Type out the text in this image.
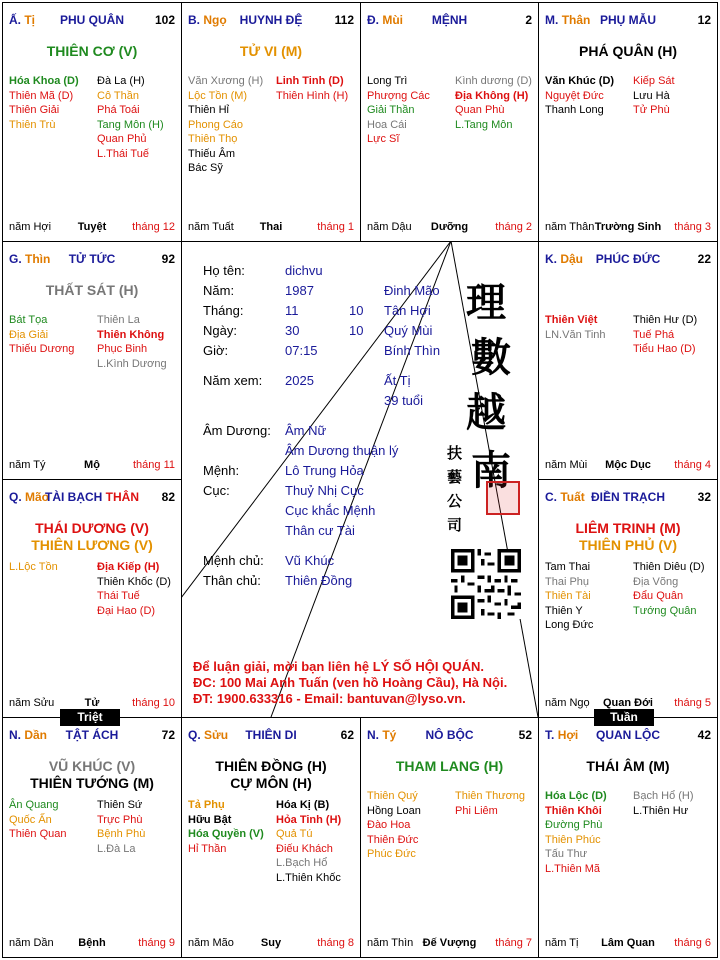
Ấ. Tị	PHU QUÂN	102
THIÊN CƠ (V)
Hóa Khoa (D)
Thiên Mã (D)
Thiên Giải
Thiên Trù
Đà La (H)
Cô Thần
Phá Toái
Tang Môn (H)
Quan Phủ
L.Thái Tuế
năm Hợi	Tuyệt	tháng 12
B. Ngọ	HUYNH ĐỆ	112
TỬ VI (M)
Văn Xương (H)
Lộc Tồn (M)
Thiên Hỉ
Phong Cáo
Thiên Thọ
Thiếu Âm
Bác Sỹ
Linh Tinh (D)
Thiên Hình (H)
năm Tuất	Thai	tháng 1
Đ. Mùi	MỆNH	2
Long Trì
Phượng Các
Giải Thần
Hoa Cái
Lực Sĩ
Kình dương (D)
Địa Không (H)
Quan Phù
L.Tang Môn
năm Dậu	Dưỡng	tháng 2
M. Thân PHỤ MẪU	12
PHÁ QUÂN (H)
Văn Khúc (D)
Nguyệt Đức
Thanh Long
Kiếp Sát
Lưu Hà
Tử Phù
năm Thân Trường Sinh	tháng 3
G. Thìn	TỬ TỨC	92
THẤT SÁT (H)
Bát Tọa
Địa Giải
Thiếu Dương
Thiên La
Thiên Không
Phục Binh
L.Kình Dương
năm Tý	Mộ	tháng 11
K. Dậu	PHÚC ĐỨC	22
Thiên Việt
LN.Văn Tinh
Thiên Hư (D)
Tuế Phá
Tiểu Hao (D)
năm Mùi	Mộc Dục	tháng 4
Q. Mão
TÀI BẠCH THÂN	82
THÁI DƯƠNG (V)
THIÊN LƯƠNG (V)
L.Lộc Tồn	Địa Kiếp (H)
Thiên Khốc (D)
Thái Tuế
Đại Hao (D)
năm Sửu	Tử	tháng 10
C. Tuất ĐIỀN TRẠCH	32
LIÊM TRINH (M)
THIÊN PHỦ (V)
Tam Thai
Thai Phụ
Thiên Tài
Thiên Y
Long Đức
Thiên Diêu (D)
Địa Võng
Đẩu Quân
Tướng Quân
năm Ngọ	Quan Đới	tháng 5
N. Dần	TẬT ÁCH	72
VŨ KHÚC (V)
THIÊN TƯỚNG (M)
Ân Quang
Quốc Ấn
Thiên Quan
Thiên Sứ
Trực Phù
Bệnh Phù
L.Đà La
năm Dần	Bệnh	tháng 9
Q. Sửu	THIÊN DI	62
THIÊN ĐỒNG (H)
CỰ MÔN (H)
Tả Phụ
Hữu Bật
Hóa Quyền (V)
Hỉ Thần
Hóa Kị (B)
Hỏa Tinh (H)
Quả Tú
Điếu Khách
L.Bạch Hổ
L.Thiên Khốc
năm Mão	Suy	tháng 8
N. Tý	NÔ BỘC	52
THAM LANG (H)
Thiên Quý
Hồng Loan
Đào Hoa
Thiên Đức
Phúc Đức
Thiên Thương
Phi Liêm
năm Thìn Đế Vượng	tháng 7
T. Hợi	QUAN LỘC	42
THÁI ÂM (M)
Hóa Lộc (D)
Thiên Khôi
Đường Phù
Thiên Phúc
Tấu Thư
L.Thiên Mã
Bạch Hổ (H)
L.Thiên Hư
năm Tị	Lâm Quan	tháng 6
Họ tên:	dichvu
Năm:	1987	Đinh Mão
Tháng:	11	10 Tân Hợi
Ngày:	30	10 Quý Mùi
Giờ:	07:15	Bính Thìn
Năm xem: 2025	Ất Tị
39 tuổi
Âm Dương: Âm Nữ
Âm Dương thuận lý
Mệnh:	Lô Trung Hỏa
Cục:	Thuỷ Nhị Cục
Cục khắc Mệnh
Thân cư Tài
Mệnh chủ: Vũ Khúc
Thân chủ: Thiên Đồng
理
數
越
南
扶
藝
公
司
Để luận giải, mời bạn liên hệ LÝ SỐ HỘI QUÁN.
ĐC: 100 Mai Anh Tuấn (ven hồ Hoàng Cầu), Hà Nội.
ĐT: 1900.633316 - Email: bantuvan@lyso.vn.
Triệt	Tuần
